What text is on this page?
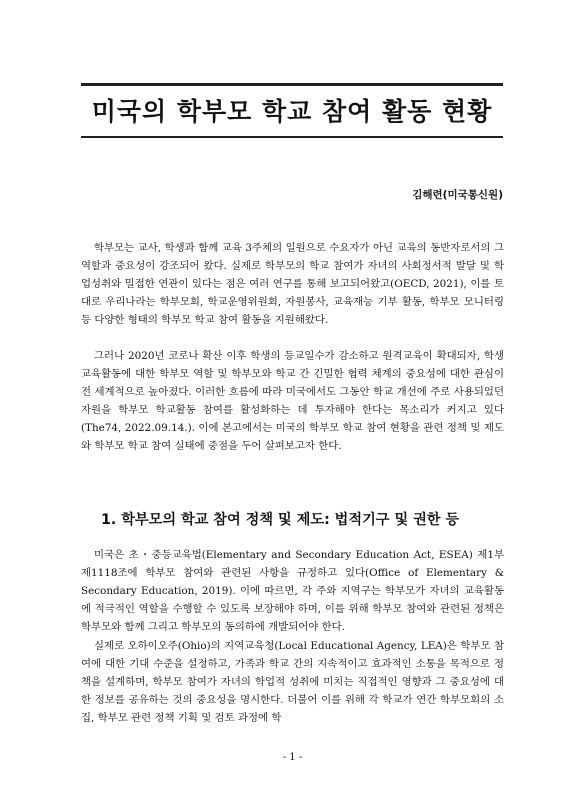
미국의 학부모 학교 참여 활동 현황
김해련(미국통신원)

학부모는 교사, 학생과 함께 교육 3주체의 일원으로 수요자가 아닌 교육의 동반자로서의 그 역할과 중요성이 강조되어 왔다. 실제로 학부모의 학교 참여가 자녀의 사회정서적 발달 및 학업성취와 밀접한 연관이 있다는 점은 여러 연구를 통해 보고되어왔고(OECD, 2021), 이를 토대로 우리나라는 학부모회, 학교운영위원회, 자원봉사, 교육재능 기부 활동, 학부모 모니터링 등 다양한 형태의 학부모 학교 참여 활동을 지원해왔다.

그러나 2020년 코로나 확산 이후 학생의 등교일수가 감소하고 원격교육이 확대되자, 학생 교육활동에 대한 학부모 역할 및 학부모와 학교 간 긴밀한 협력 체계의 중요성에 대한 관심이 전 세계적으로 높아졌다. 이러한 흐름에 따라 미국에서도 그동안 학교 개선에 주로 사용되었던 자원을 학부모 학교활동 참여를 활성화하는 데 투자해야 한다는 목소리가 커지고 있다(The74, 2022.09.14.). 이에 본고에서는 미국의 학부모 학교 참여 현황을 관련 정책 및 제도와 학부모 학교 참여 실태에 중점을 두어 살펴보고자 한다.

1. 학부모의 학교 참여 정책 및 제도: 법적기구 및 권한 등

미국은 초・중등교육법(Elementary and Secondary Education Act, ESEA) 제1부 제1118조에 학부모 참여와 관련된 사항을 규정하고 있다(Office of Elementary & Secondary Education, 2019). 이에 따르면, 각 주와 지역구는 학부모가 자녀의 교육활동에 적극적인 역할을 수행할 수 있도록 보장해야 하며, 이를 위해 학부모 참여와 관련된 정책은 학부모와 함께 그리고 학부모의 동의하에 개발되어야 한다.

실제로 오하이오주(Ohio)의 지역교육청(Local Educational Agency, LEA)은 학부모 참여에 대한 기대 수준을 설정하고, 가족과 학교 간의 지속적이고 효과적인 소통을 목적으로 정책을 설계하며, 학부모 참여가 자녀의 학업적 성취에 미치는 직접적인 영향과 그 중요성에 대한 정보를 공유하는 것의 중요성을 명시한다. 더불어 이를 위해 각 학교가 연간 학부모회의 소집, 학부모 관련 정책 기획 및 검토 과정에 학

- 1 -
